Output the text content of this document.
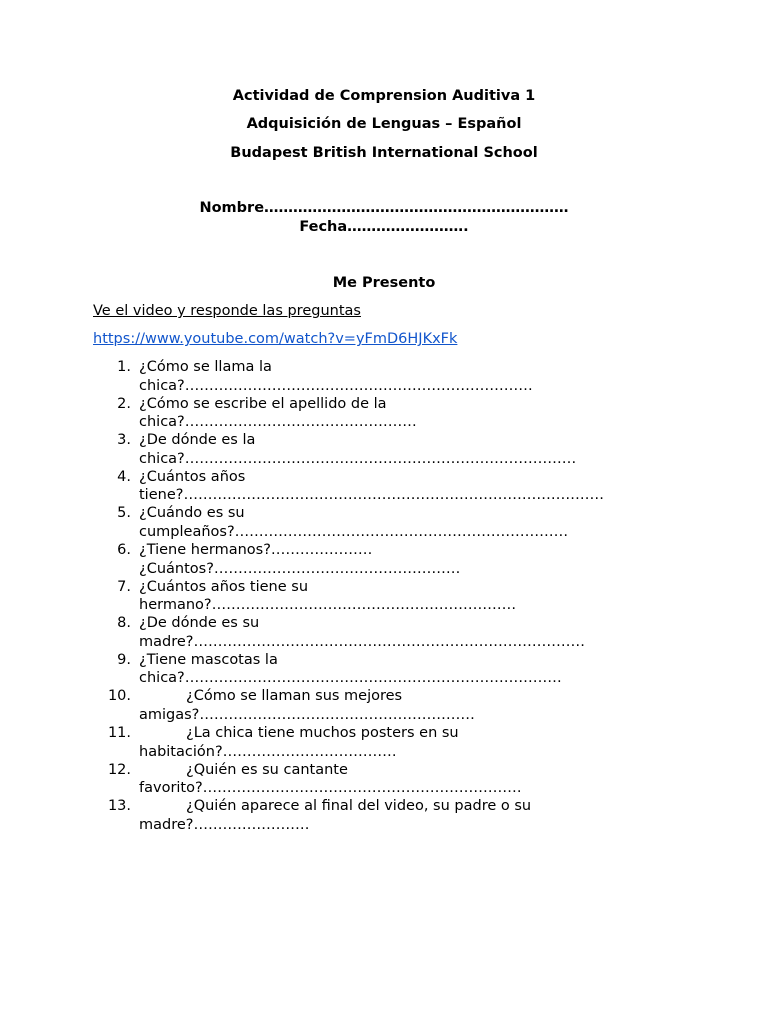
Actividad de Comprension Auditiva 1
Adquisición de Lenguas – Español
Budapest British International School
Nombre………………………………………………………
Fecha…………………….
Me Presento
Ve el video y responde las preguntas
https://www.youtube.com/watch?v=yFmD6HJKxFk
1. ¿Cómo se llama la
chica?………………………………………………………………
2. ¿Cómo se escribe el apellido de la
chica?…………………………………………
3. ¿De dónde es la
chica?………………………………………………………………………
4. ¿Cuántos años
tiene?……………………………………………………………………………
5. ¿Cuándo es su
cumpleaños?……………………………………………………………
6. ¿Tiene hermanos?…………………
¿Cuántos?……………………………………………
7. ¿Cuántos años tiene su
hermano?………………………………………………………
8. ¿De dónde es su
madre?………………………………………………………………………
9. ¿Tiene mascotas la
chica?……………………………………………………………………
10.	¿Cómo se llaman sus mejores
amigas?…………………………………………………
11.	¿La chica tiene muchos posters en su
habitación?………………………………
12.	¿Quién es su cantante
favorito?…………………………………………………………
13.	¿Quién aparece al final del video, su padre o su
madre?……………………
